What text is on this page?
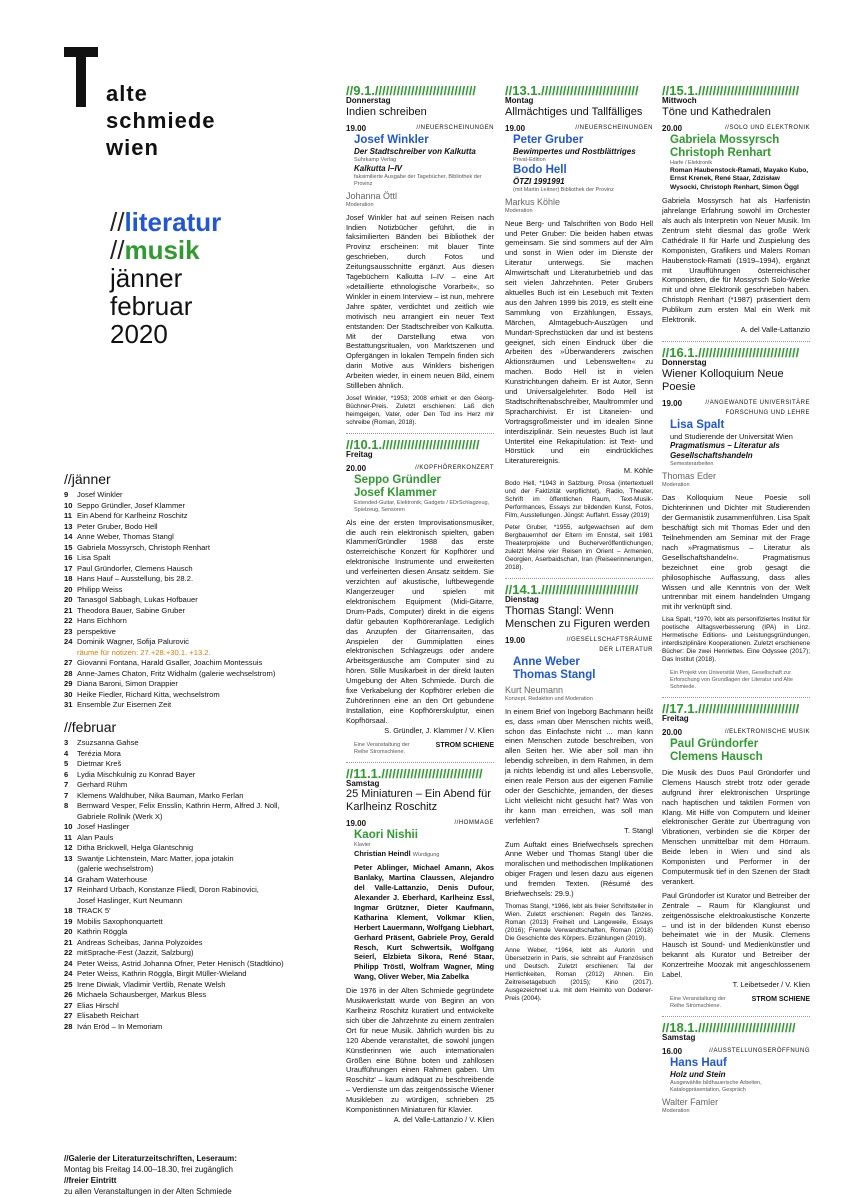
alte
schmiede
wien
//literatur
//musik
jänner
februar
2020
//jänner
9 Josef Winkler
10 Seppo Gründler, Josef Klammer
11 Ein Abend für Karlheinz Roschitz
13 Peter Gruber, Bodo Hell
14 Anne Weber, Thomas Stangl
15 Gabriela Mossyrsch, Christoph Renhart
16 Lisa Spalt
17 Paul Gründorfer, Clemens Hausch
18 Hans Hauf – Ausstellung, bis 28.2.
20 Philipp Weiss
20 Tanasgol Sabbagh, Lukas Hofbauer
21 Theodora Bauer, Sabine Gruber
22 Hans Eichhorn
23 perspektive
24 Dominik Wagner, Sofija Paluroviċ
räume für notizen: 27.+28.+30.1. +13.2.
27 Giovanni Fontana, Harald Gsaller, Joachim Montessuis
28 Anne-James Chaton, Fritz Widhalm (galerie wechselstrom)
29 Diana Baroni, Simon Drappier
30 Heike Fiedler, Richard Kitta, wechselstrom
31 Ensemble Zur Eisernen Zeit
//februar
3 Zsuzsanna Gahse
4 Terézia Mora
5 Dietmar Kreš
6 Lydia Mischkulnig zu Konrad Bayer
7 Gerhard Rühm
7 Klemens Waldhuber, Nika Bauman, Marko Ferlan
8 Bernward Vesper, Felix Ensslin, Kathrin Herm, Alfred J. Noll,
Gabriele Rollnik (Werk X)
10 Josef Haslinger
11 Alan Pauls
12 Ditha Brickwell, Helga Glantschnig
13 Swantje Lichtenstein, Marc Matter, jopa jotakin
(galerie wechselstrom)
14 Graham Waterhouse
17 Reinhard Urbach, Konstanze Fliedl, Doron Rabinovici,
Josef Haslinger, Kurt Neumann
18 TRACK 5'
19 Mobilis Saxophonquartett
20 Kathrin Röggla
21 Andreas Scheibas, Janna Polyzoides
22 mitSprache-Fest (Jazzit, Salzburg)
24 Peter Weiss, Astrid Johanna Ofner, Peter Henisch (Stadtkino)
24 Peter Weiss, Kathrin Röggla, Birgit Müller-Wieland
25 Irene Diwiak, Vladimir Vertlib, Renate Welsh
26 Michaela Schausberger, Markus Bless
27 Elias Hirschl
27 Elisabeth Reichart
28 Iván Eröd – In Memoriam
//Galerie der Literaturzeitschriften, Leseraum:
Montag bis Freitag 14.00–18.30, frei zugänglich
//freier Eintritt
zu allen Veranstaltungen in der Alten Schmiede
//9.1.////////////////////////////
Donnerstag
Indien schreiben
19.00	//NEUERSCHEINUNGEN
Josef Winkler
Der Stadtschreiber von Kalkutta
Suhrkamp Verlag
Kalkutta I–IV
faksimilierte Ausgabe der Tagebücher, Bibliothek der Provinz
Johanna Öttl
Moderation
Josef Winkler hat auf seinen Reisen nach Indien Notizbücher geführt, die in faksimilierten Bänden bei Bibliothek der Provinz erscheinen: mit blauer Tinte geschrieben, durch Fotos und Zeitungsausschnitte ergänzt. Aus diesen Tagebüchern Kalkutta I–IV – eine Art »detaillierte ethnologische Vorarbeit«, so Winkler in einem Interview – ist nun, mehrere Jahre später, verdichtet und zeitlich wie motivisch neu arrangiert ein neuer Text entstanden: Der Stadtschreiber von Kalkutta. Mit der Darstellung etwa von Bestattungsritualen, von Marktszenen und Opfergängen in lokalen Tempeln finden sich darin Motive aus Winklers bisherigen Arbeiten wieder, in einem neuen Bild, einem Stillleben ähnlich.
Josef Winkler, *1953; 2008 erhielt er den Georg-Büchner-Preis. Zuletzt erschienen: Laß dich heimgeigen, Vater, oder Den Tod ins Herz mir schreibe (Roman, 2018).
//10.1.///////////////////////////
Freitag
20.00	//KOPFHÖRERKONZERT
Seppo Gründler
Josef Klammer
Extended-Guitar, Elektronik, Gadgets / EDrSchlagzeug, Spielzeug, Sensoren
Als eine der ersten Improvisationsmusiker, die auch rein elektronisch spielten, gaben Klammer/Gründler 1988 das erste österreichische Konzert für Kopfhörer und elektronische Instrumente und erweiterten und verfeinerten diesen Ansatz seitdem. Sie verzichten auf akustische, luftbewegende Klangerzeuger und spielen mit elektronischem Equipment (Midi-Gitarre, Drum-Pads, Computer) direkt in die eigens dafür gebauten Kopfhöreranlage. Lediglich das Anzupfen der Gitarrensaiten, das Anspielen der Gummiplatten eines elektronischen Schlagzeugs oder andere Arbeitsgeräusche am Computer sind zu hören. Stille Musikarbeit in der direkt lauten Umgebung der Alten Schmiede. Durch die fixe Verkabelung der Kopfhörer erleben die Zuhörerinnen eine an den Ort gebundene Installation, eine Kopfhörerskulptur, einen Kopfhörsaal.
S. Gründler, J. Klammer / V. Klien
Eine Veranstaltung der Reihe Stromschiene.
STROM SCHIENE
//11.1.////////////////////////////
Samstag
25 Miniaturen – Ein Abend für Karlheinz Roschitz
19.00	//HOMMAGE
Kaori Nishii
Klavier
Christian Heindl Würdigung
Peter Ablinger, Michael Amann, Akos Banlaky, Martina Claussen, Alejandro del Valle-Lattanzio, Denis Dufour, Alexander J. Eberhard, Karlheinz Essl, Ingmar Grützner, Dieter Kaufmann, Katharina Klement, Volkmar Klien, Herbert Lauermann, Wolfgang Liebhart, Gerhard Präsent, Gabriele Proy, Gerald Resch, Kurt Schwertsik, Wolfgang Seierl, Elzbieta Sikora, René Staar, Philipp Tröstl, Wolfram Wagner, Ming Wang, Oliver Weber, Mia Zabelka
Die 1976 in der Alten Schmiede gegründete Musikwerkstatt wurde von Beginn an von Karlheinz Roschitz kuratiert und entwickelte sich über die Jahrzehnte zu einem zentralen Ort für neue Musik. Jährlich wurden bis zu 120 Abende veranstaltet, die sowohl jungen Künstlerinnen wie auch internationalen Größen eine Bühne boten und zahllosen Uraufführungen einen Rahmen gaben. Um Roschitz' – kaum adäquat zu beschreibende – Verdienste um das zeitgenössische Wiener Musikleben zu würdigen, schrieben 25 Komponistinnen Miniaturen für Klavier.
A. del Valle-Lattanzio / V. Klien
//13.1.///////////////////////////
Montag
Allmächtiges und Tallfälliges
19.00	//NEUERSCHEINUNGEN
Peter Gruber
Bewimpertes und Rostblättriges
Privat-Edition
Bodo Hell
ÖTZI 1991991
(mit Martin Leitner) Bibliothek der Provinz
Markus Köhle
Moderation
Neue Berg- und Talschriften von Bodo Hell und Peter Gruber: Die beiden haben etwas gemeinsam. Sie sind sommers auf der Alm und sonst in Wien oder im Dienste der Literatur unterwegs. Sie machen Almwirtschaft und Literaturbetrieb und das seit vielen Jahrzehnten. Peter Grubers aktuelles Buch ist ein Lesebuch mit Texten aus den Jahren 1999 bis 2019, es stellt eine Sammlung von Erzählungen, Essays, Märchen, Almtagebuch-Auszügen und Mundart-Sprechstücken dar und ist bestens geeignet, sich einen Eindruck über die Arbeiten des »Überwanderers zwischen Aktionsräumen und Lebenswelten« zu machen. Bodo Hell ist in vielen Kunstrichtungen daheim. Er ist Autor, Senn und Universalgelehrter. Bodo Hell ist Stadtschriftenabschreiber, Maultrommler und Spracharchivist. Er ist Litaneien- und Vortragsgroßmeister und im idealen Sinne interdisziplinär. Sein neuestes Buch ist laut Untertitel eine Rekapitulation: ist Text- und Hörstück und ein eindrückliches Literaturereignis.
M. Köhle
Bodo Hell, *1943 in Salzburg. Prosa (intertextuell und der Faktizität verpflichtet), Radio, Theater, Schrift im öffentlichen Raum, Text-Musik-Performances, Essays zur bildenden Kunst, Fotos, Film, Ausstellungen. Jüngst: Auffahrt. Essay (2019)
Peter Gruber, *1955, aufgewachsen auf dem Bergbauernhof der Eltern im Ennstal, seit 1981 Theaterprojekte und Bucherveröffentlichungen, zuletzt Meine vier Reisen im Orient – Armenien, Georgien, Aserbaidschan, Iran (Reiseerinnerungen, 2018).
//14.1.///////////////////////////
Dienstag
Thomas Stangl: Wenn Menschen zu Figuren werden
19.00	//GESELLSCHAFTSRÄUME DER LITERATUR
Anne Weber
Thomas Stangl
Kurt Neumann
Konzept, Redaktion und Moderation
In einem Brief von Ingeborg Bachmann heißt es, dass »man über Menschen nichts weiß, schon das Einfachste nicht ... man kann einen Menschen zutode beschreiben, von allen Seiten her. Wie aber soll man ihn lebendig schreiben, in dem Rahmen, in dem ja nichts lebendig ist und alles Lebensvolle, einen reale Person aus der eigenen Familie oder der Geschichte, jemanden, der dieses Licht vielleicht nicht gesucht hat? Was von ihr kann man erreichen, was soll man verfehlen?
T. Stangl
Zum Auftakt eines Briefwechsels sprechen Anne Weber und Thomas Stangl über die moralischen und methodischen Implikationen obiger Fragen und lesen dazu aus eigenen und fremden Texten. (Résumé des Briefwechsels: 29.9.)
Thomas Stangl, *1966, lebt als freier Schriftsteller in Wien. Zuletzt erschienen: Regeln des Tanzes, Roman (2013) Freiheit und Langeweile, Essays (2016); Fremde Verwandtschaften, Roman (2018) Die Geschichte des Körpers. Erzählungen (2019).
Anne Weber, *1964, lebt als Autorin und Übersetzerin in Paris, sie schreibt auf Französisch und Deutsch. Zuletzt erschienen: Tal der Herrlichkeiten, Roman (2012) Ahnen. Ein Zeitreisetagebuch (2015); Kirio (2017). Ausgezeichnet u.a. mit dem Heimito von Doderer-Preis (2004).
//15.1.////////////////////////////
Mittwoch
Töne und Kathedralen
20.00	//SOLO UND ELEKTRONIK
Gabriela Mossyrsch
Christoph Renhart
Harfe / Elektronik
Roman Haubenstock-Ramati, Mayako Kubo, Ernst Krenek, René Staar, Zdzisław Wysocki, Christoph Renhart, Simon Öggl
Gabriela Mossyrsch hat als Harfenistin jahrelange Erfahrung sowohl im Orchester als auch als Interpretin von Neuer Musik. Im Zentrum steht diesmal das große Werk Cathédrale II für Harfe und Zuspielung des Komponisten, Grafikers und Malers Roman Haubenstock-Ramati (1919–1994), ergänzt mit Uraufführungen österreichischer Komponisten, die für Mossyrsch Solo-Werke mit und ohne Elektronik geschrieben haben. Christoph Renhart (*1987) präsentiert dem Publikum zum ersten Mal ein Werk mit Elektronik.
A. del Valle-Lattanzio
//16.1.////////////////////////////
Donnerstag
Wiener Kolloquium Neue Poesie
19.00	//ANGEWANDTE UNIVERSITÄRE FORSCHUNG UND LEHRE
Lisa Spalt
und Studierende der Universität Wien
Pragmatismus – Literatur als Gesellschaftshandeln
Semesterarbeiten
Thomas Eder
Moderation
Das Kolloquium Neue Poesie soll Dichterinnen und Dichter mit Studierenden der Germanistik zusammenführen. Lisa Spalt beschäftigt sich mit Thomas Eder und den Teilnehmenden am Seminar mit der Frage nach »Pragmatismus – Literatur als Gesellschaftshandeln«. Pragmatismus bezeichnet eine grob gesagt die philosophische Auffassung, dass alles Wissen und alle Kenntnis von der Welt untrennbar mit einem handelnden Umgang mit ihr verknüpft sind.
Lisa Spalt, *1970, lebt als personifiziertes Institut für poetische Alltagsverbesserung (IPA) in Linz. Hermetische Editions- und Leistungsgründungen, interdisziplinäre Kooperationen. Zuletzt erschienene Bücher: Die zwei Henriettes. Eine Odyssee (2017); Das Institut (2018).
Ein Projekt von Universität Wien, Gesellschaft zur Erforschung von Grundlagen der Literatur und Alte Schmiede.
//17.1.////////////////////////////
Freitag
20.00	//ELEKTRONISCHE MUSIK
Paul Gründorfer
Clemens Hausch
Die Musik des Duos Paul Gründorfer und Clemens Hausch strebt trotz oder gerade aufgrund ihrer elektronischen Ursprünge nach haptischen und taktilen Formen von Klang. Mit Hilfe von Computern und kleiner elektronischer Geräte zur Übertragung von Vibrationen, verbinden sie die Körper der Menschen unmittelbar mit dem Hörraum. Beide leben in Wien und sind als Komponisten und Performer in der Computermusik tief in den Szenen der Stadt verankert.
Paul Gründorfer ist Kurator und Betreiber der Zentrale – Raum für Klangkunst und zeitgenössische elektroakustische Konzerte – und ist in der bildenden Kunst ebenso beheimatet wie in der Musik. Clemens Hausch ist Sound- und Medienkünstler und bekannt als Kurator und Betreiber der Konzertreihe Moozak mit angeschlossenem Label.
T. Leibetseder / V. Klien
Eine Veranstaltung der Reihe Stromschiene.
STROM SCHIENE
//18.1.///////////////////////////
Samstag
16.00	//AUSSTELLUNGSERÖFFNUNG
Hans Hauf
Holz und Stein
Ausgewählte bildhauerische Arbeiten, Katalogpräsentation, Gespräch
Walter Famler
Moderation
